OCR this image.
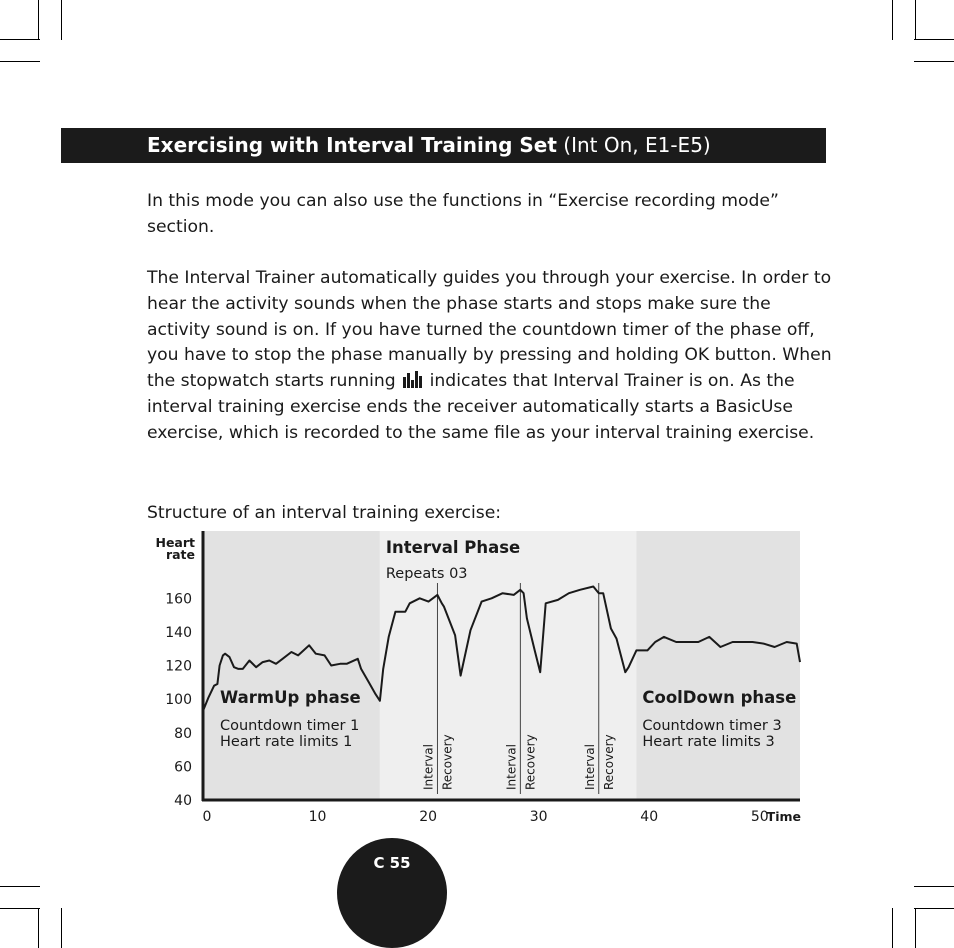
Exercising with Interval Training Set (Int On, E1-E5)

In this mode you can also use the functions in “Exercise recording mode” section.

The Interval Trainer automatically guides you through your exercise. In order to hear the activity sounds when the phase starts and stops make sure the activity sound is on. If you have turned the countdown timer of the phase off, you have to stop the phase manually by pressing and holding OK button. When the stopwatch starts running indicates that Interval Trainer is on. As the interval training exercise ends the receiver automatically starts a BasicUse exercise, which is recorded to the same file as your interval training exercise.

Structure of an interval training exercise:

WarmUp phase
Countdown timer 1
Heart rate limits 1
Interval Phase
Repeats 03
CoolDown phase
Countdown timer 3
Heart rate limits 3
Interval Recovery	Interval Recovery	Interval Recovery
40
60
80
100
120
140
160
0	10	20	30	40	50
Heart
rate
Time
C 55
